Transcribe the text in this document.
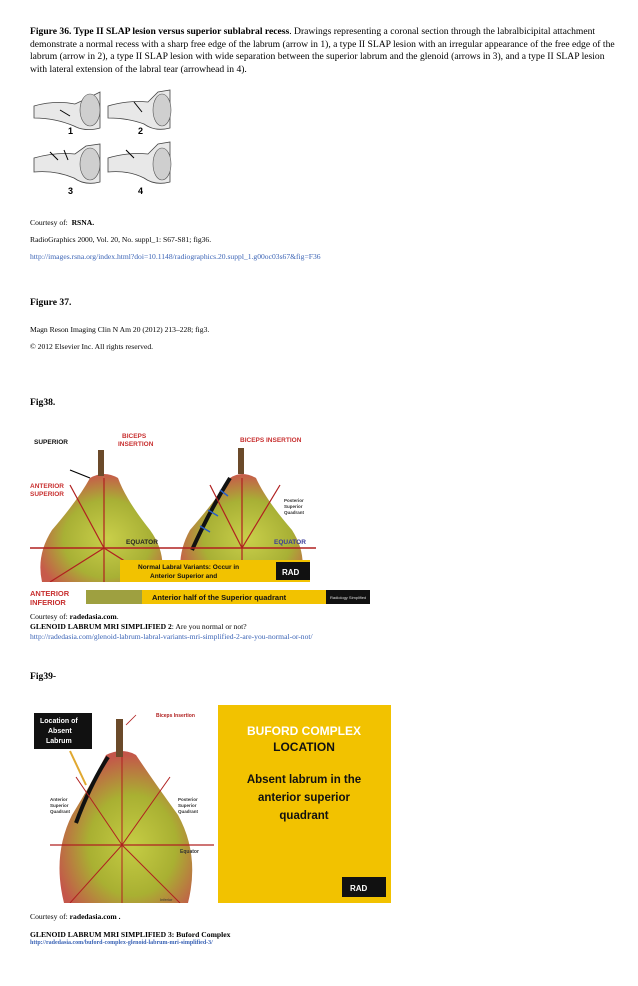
Figure 36. Type II SLAP lesion versus superior sublabral recess. Drawings representing a coronal section through the labralbicipital attachment demonstrate a normal recess with a sharp free edge of the labrum (arrow in 1), a type II SLAP lesion with an irregular appearance of the free edge of the labrum (arrow in 2), a type II SLAP lesion with wide separation between the superior labrum and the glenoid (arrows in 3), and a type II SLAP lesion with lateral extension of the labral tear (arrowhead in 4).
1	2
3	4
Courtesy of: RSNA.
RadioGraphics 2000, Vol. 20, No. suppl_1: S67-S81; fig36.
http://images.rsna.org/index.html?doi=10.1148/radiographics.20.suppl_1.g00oc03s67&fig=F36
Figure 37.
Magn Reson Imaging Clin N Am 20 (2012) 213–228; fig3.
© 2012 Elsevier Inc. All rights reserved.
Fig38.
SUPERIOR
BICEPS
INSERTION
BICEPS INSERTION
ANTERIOR
SUPERIOR
Posterior
Superior
Quadrant
EQUATOR	EQUATOR
Normal Labral Variants: Occur in
Anterior Superior and	RAD
ANTERIOR
INFERIOR
Anterior half of the Superior quadrant	Radiology Simplified
Courtesy of: radedasia.com.
GLENOID LABRUM MRI SIMPLIFIED 2: Are you normal or not?
http://radedasia.com/glenoid-labrum-labral-variants-mri-simplified-2-are-you-normal-or-not/
Fig39-
Location of
Absent
Labrum
Biceps Insertion
Anterior
Superior
Quadrant
Posterior
Superior
Quadrant
Equator
Inferior
BUFORD COMPLEX
LOCATION
Absent labrum in the
anterior superior
quadrant
RAD
Courtesy of: radedasia.com .
GLENOID LABRUM MRI SIMPLIFIED 3: Buford Complex
http://radedasia.com/buford-complex-glenoid-labrum-mri-simplified-3/
